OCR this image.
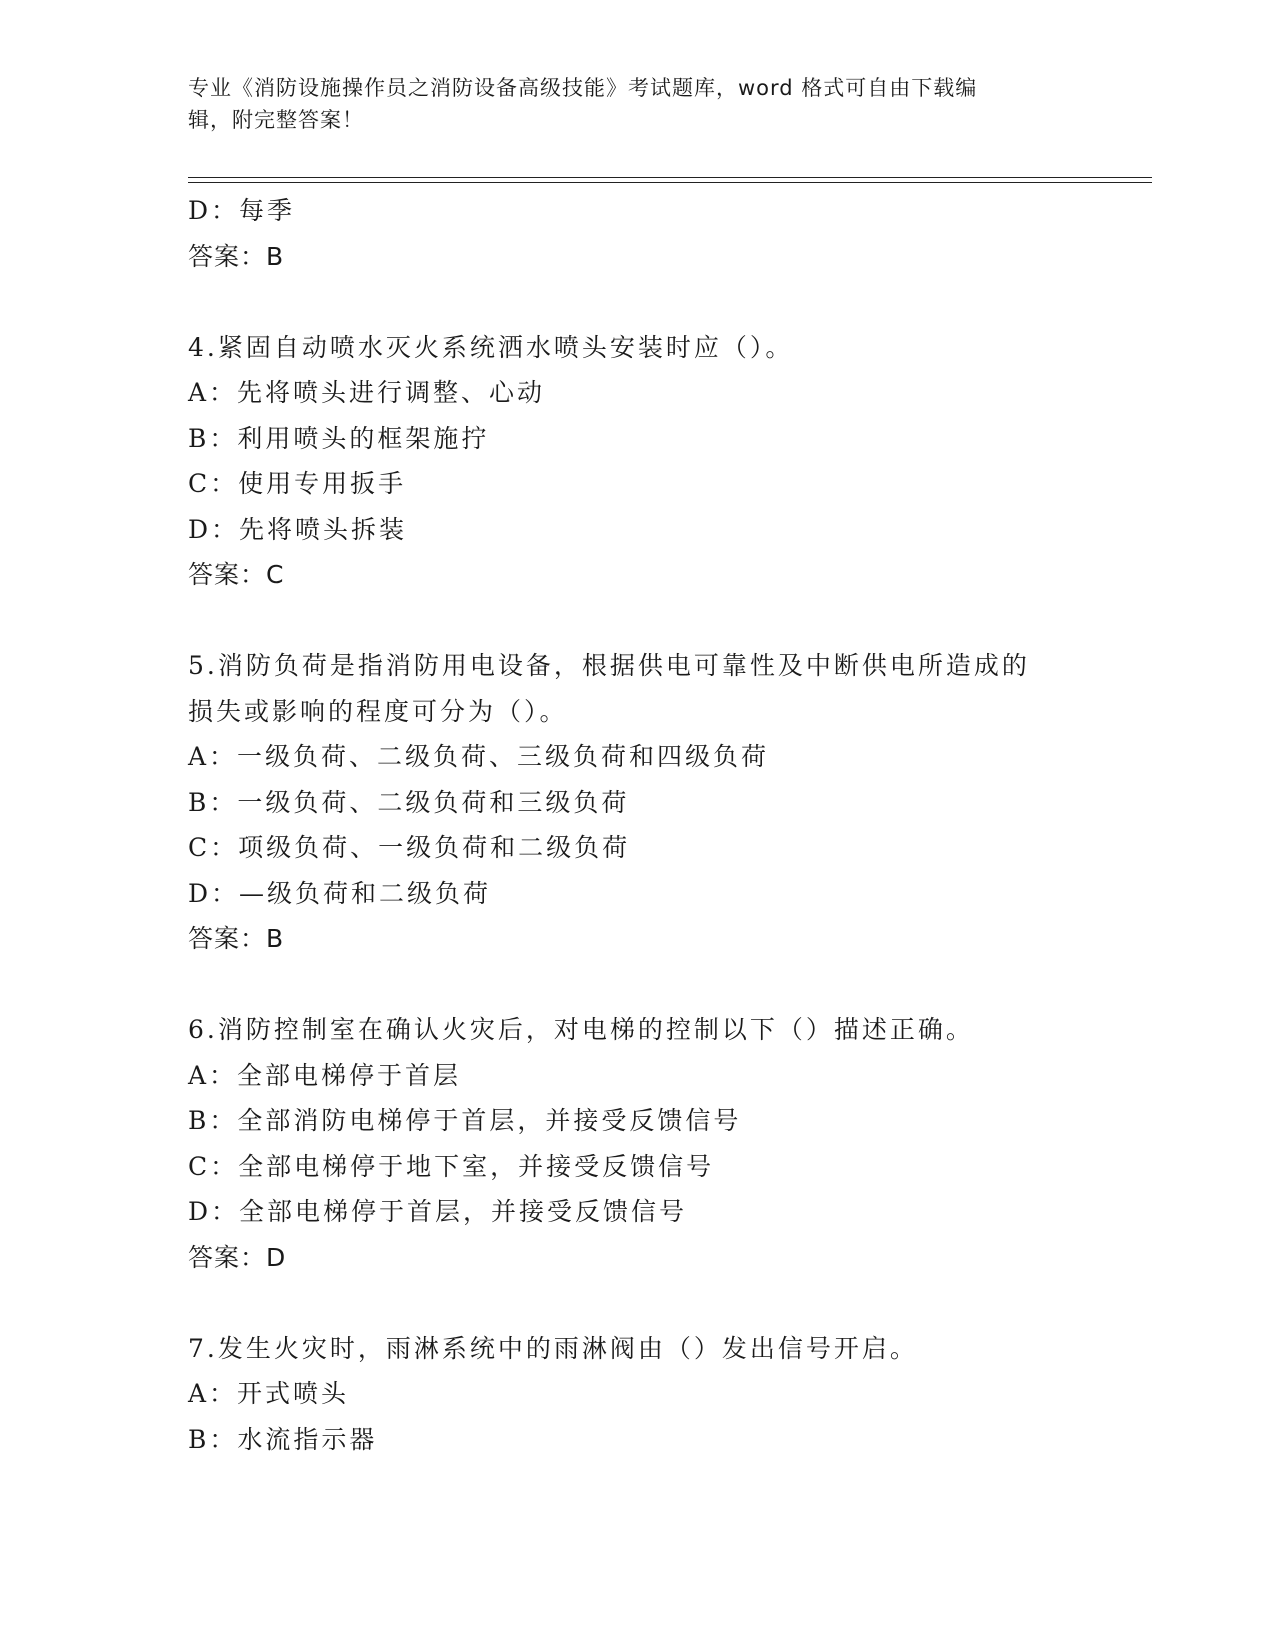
专业《消防设施操作员之消防设备高级技能》考试题库，word 格式可自由下载编
辑，附完整答案！
D：每季
答案：B
4.紧固自动喷水灭火系统洒水喷头安装时应（）。
A：先将喷头进行调整、心动
B：利用喷头的框架施拧
C：使用专用扳手
D：先将喷头拆装
答案：C
5.消防负荷是指消防用电设备，根据供电可靠性及中断供电所造成的
损失或影响的程度可分为（）。
A：一级负荷、二级负荷、三级负荷和四级负荷
B：一级负荷、二级负荷和三级负荷
C：项级负荷、一级负荷和二级负荷
D：—级负荷和二级负荷
答案：B
6.消防控制室在确认火灾后，对电梯的控制以下（）描述正确。
A：全部电梯停于首层
B：全部消防电梯停于首层，并接受反馈信号
C：全部电梯停于地下室，并接受反馈信号
D：全部电梯停于首层，并接受反馈信号
答案：D
7.发生火灾时，雨淋系统中的雨淋阀由（）发出信号开启。
A：开式喷头
B：水流指示器
